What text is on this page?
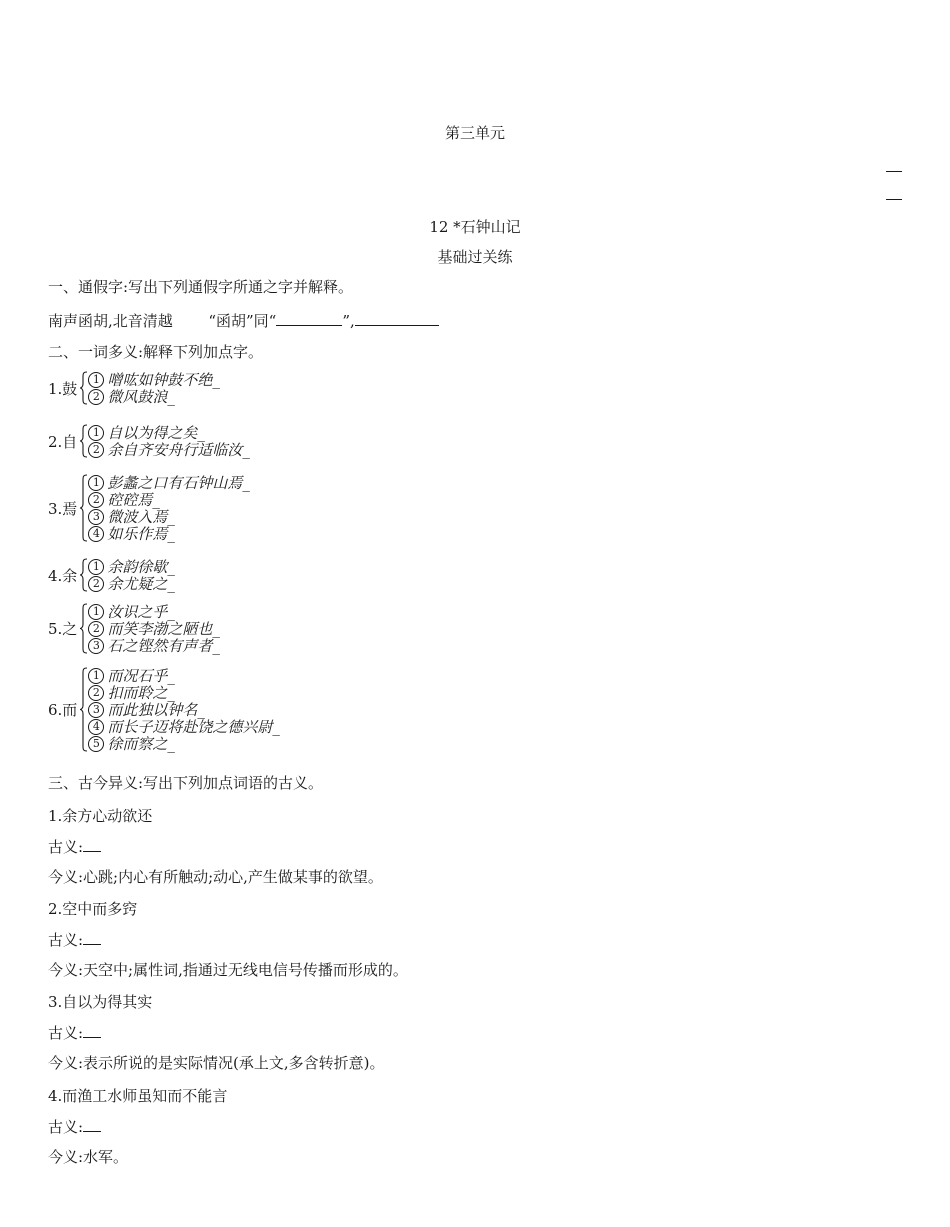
第三单元
12 *石钟山记
基础过关练
一、通假字:写出下列通假字所通之字并解释。
南声函胡,北音清越 “函胡”同“	”,
二、一词多义:解释下列加点字。
1.鼓	1 噌吰如钟鼓不绝 _
2 微风鼓浪 _
2.自	1 自以为得之矣 _
2 余自齐安舟行适临汝 _
3.焉
1 彭蠡之口有石钟山焉 _
2 硿硿焉 _
3 微波入焉 _
4 如乐作焉 _
4.余	1 余韵徐歇 _
2 余尤疑之 _
5.之
1 汝识之乎 _
2 而笑李渤之陋也 _
3 石之铿然有声者 _
6.而
1 而况石乎 _
2 扣而聆之 _
3 而此独以钟名 _
4 而长子迈将赴饶之德兴尉 _
5 徐而察之 _
三、古今异义:写出下列加点词语的古义。
1.余方心动欲还
古义:
今义:心跳;内心有所触动;动心,产生做某事的欲望。
2.空中而多窍
古义:
今义:天空中;属性词,指通过无线电信号传播而形成的。
3.自以为得其实
古义:
今义:表示所说的是实际情况(承上文,多含转折意)。
4.而渔工水师虽知而不能言
古义:
今义:水军。
